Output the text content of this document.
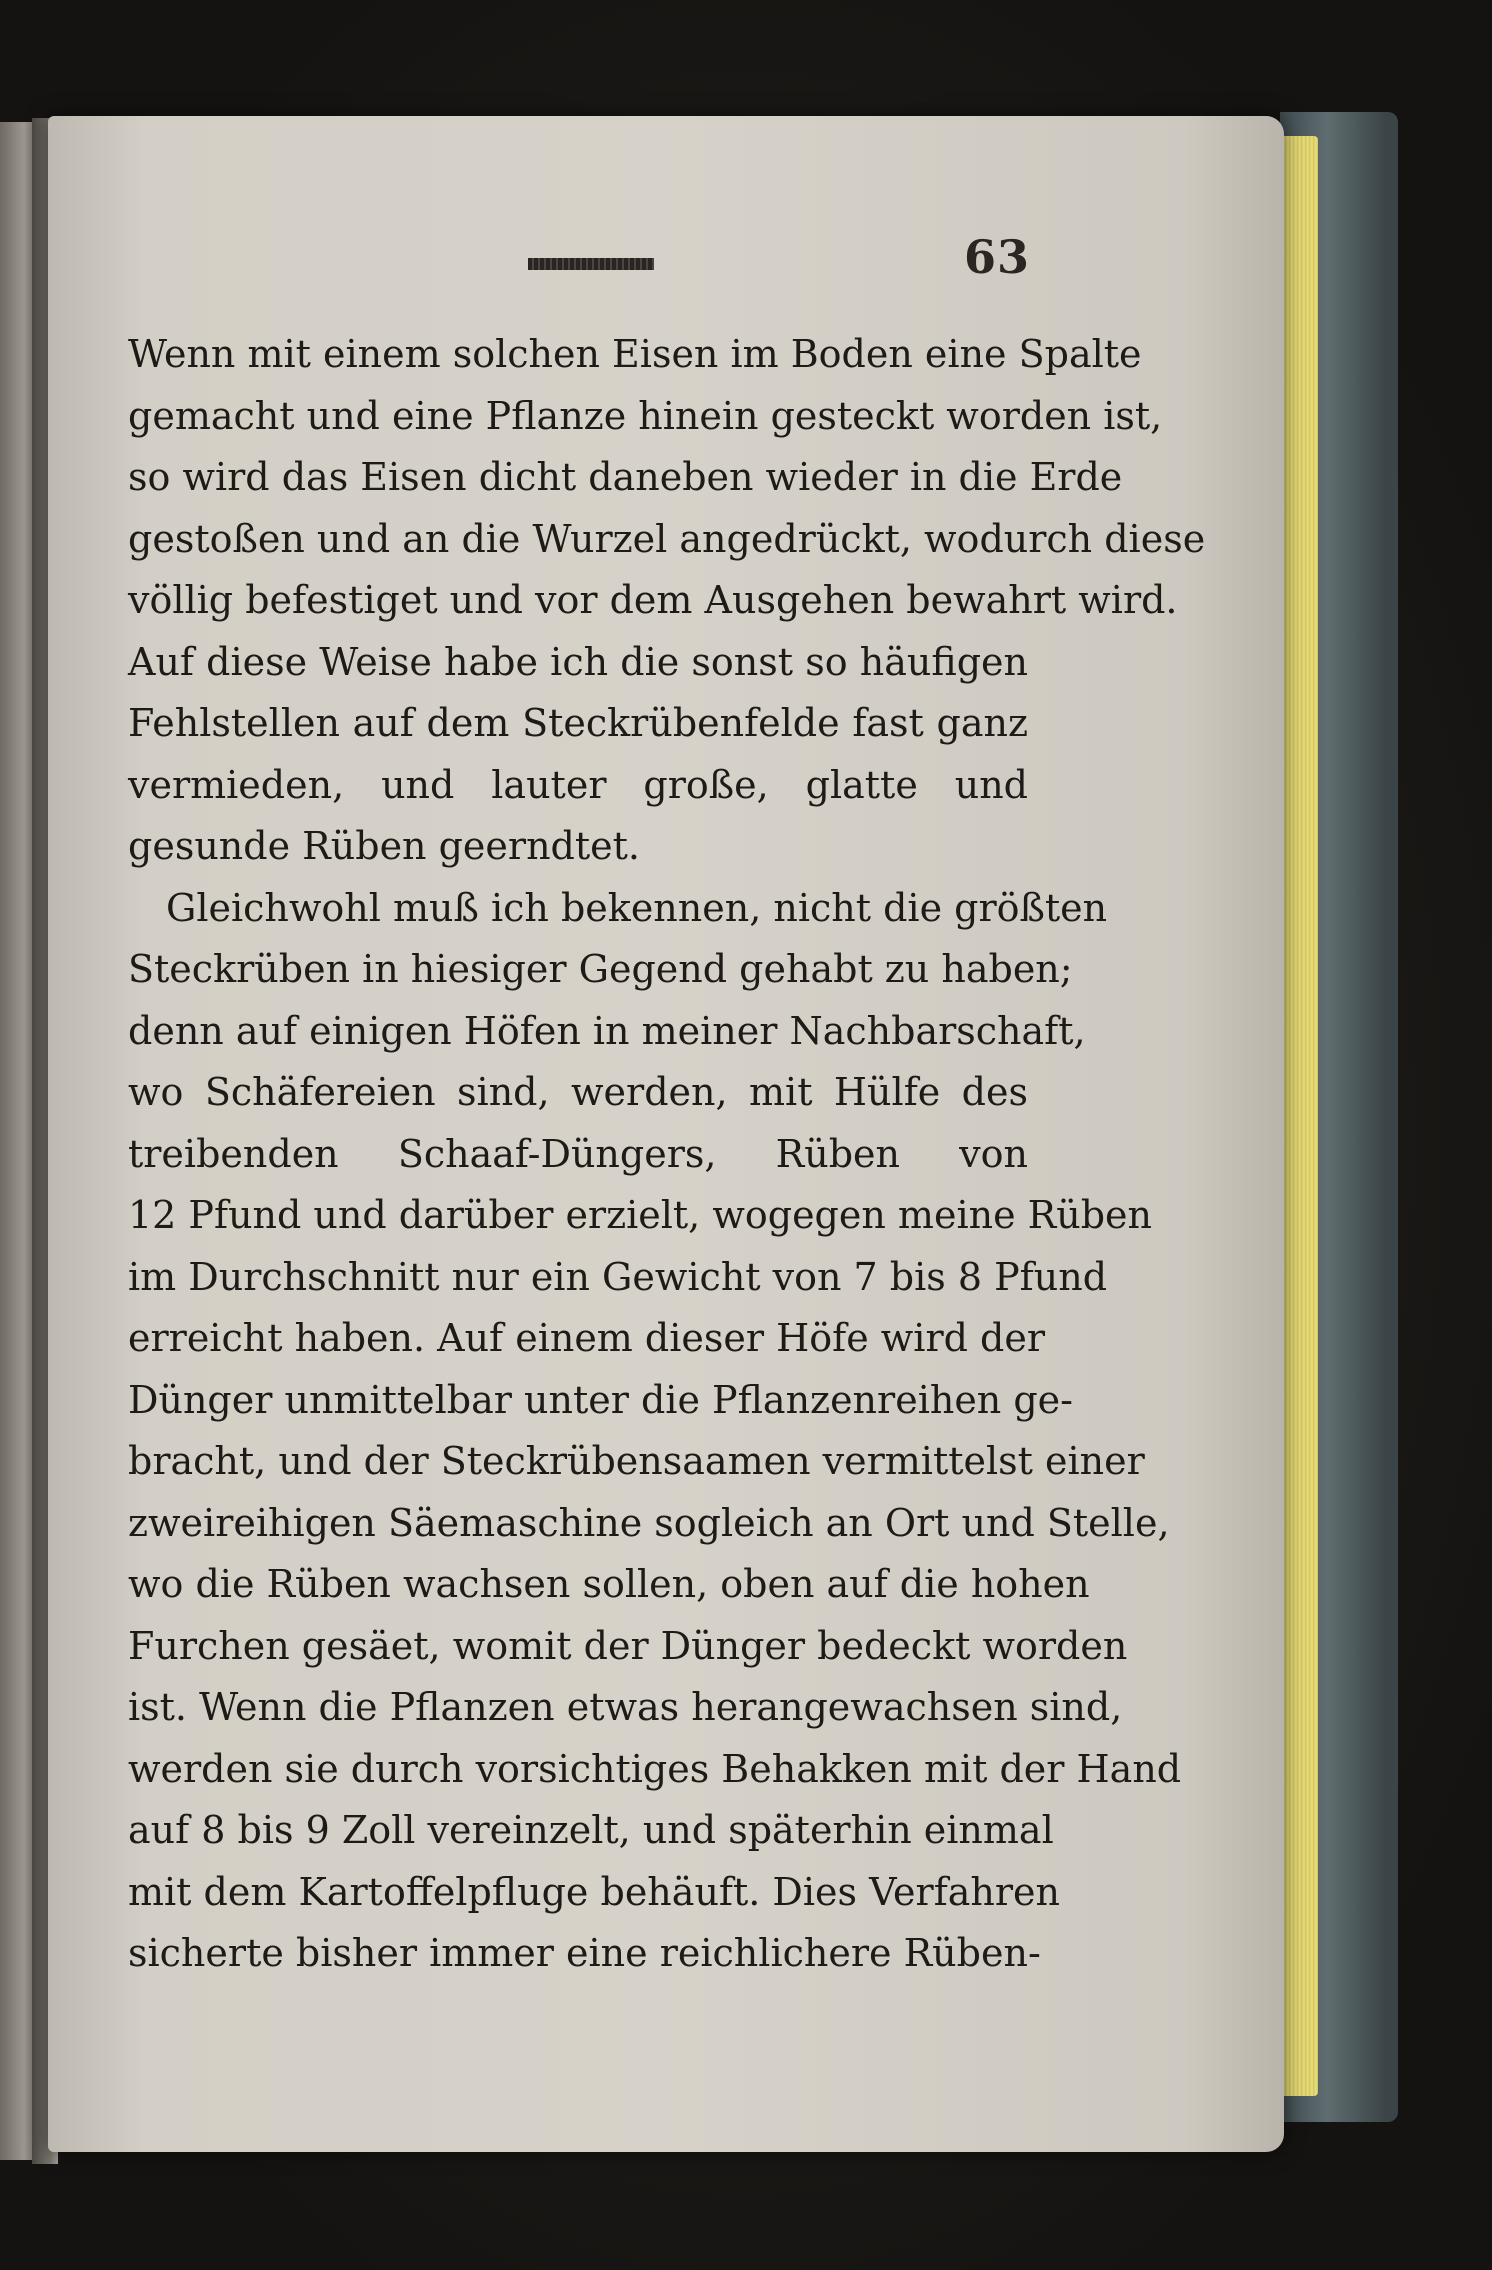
63
Wenn mit einem solchen Eisen im Boden eine Spalte
gemacht und eine Pflanze hinein gesteckt worden ist,
so wird das Eisen dicht daneben wieder in die Erde
gestoßen und an die Wurzel angedrückt, wodurch diese
völlig befestiget und vor dem Ausgehen bewahrt wird.
Auf diese Weise habe ich die sonst so häufigen
Fehlstellen auf dem Steckrübenfelde fast ganz
vermieden, und lauter große, glatte und
gesunde Rüben geerndtet.
Gleichwohl muß ich bekennen, nicht die größten
Steckrüben in hiesiger Gegend gehabt zu haben;
denn auf einigen Höfen in meiner Nachbarschaft,
wo Schäfereien sind, werden, mit Hülfe des
treibenden Schaaf-Düngers, Rüben von
12 Pfund und darüber erzielt, wogegen meine Rüben
im Durchschnitt nur ein Gewicht von 7 bis 8 Pfund
erreicht haben. Auf einem dieser Höfe wird der
Dünger unmittelbar unter die Pflanzenreihen ge-
bracht, und der Steckrübensaamen vermittelst einer
zweireihigen Säemaschine sogleich an Ort und Stelle,
wo die Rüben wachsen sollen, oben auf die hohen
Furchen gesäet, womit der Dünger bedeckt worden
ist. Wenn die Pflanzen etwas herangewachsen sind,
werden sie durch vorsichtiges Behakken mit der Hand
auf 8 bis 9 Zoll vereinzelt, und späterhin einmal
mit dem Kartoffelpfluge behäuft. Dies Verfahren
sicherte bisher immer eine reichlichere Rüben-
